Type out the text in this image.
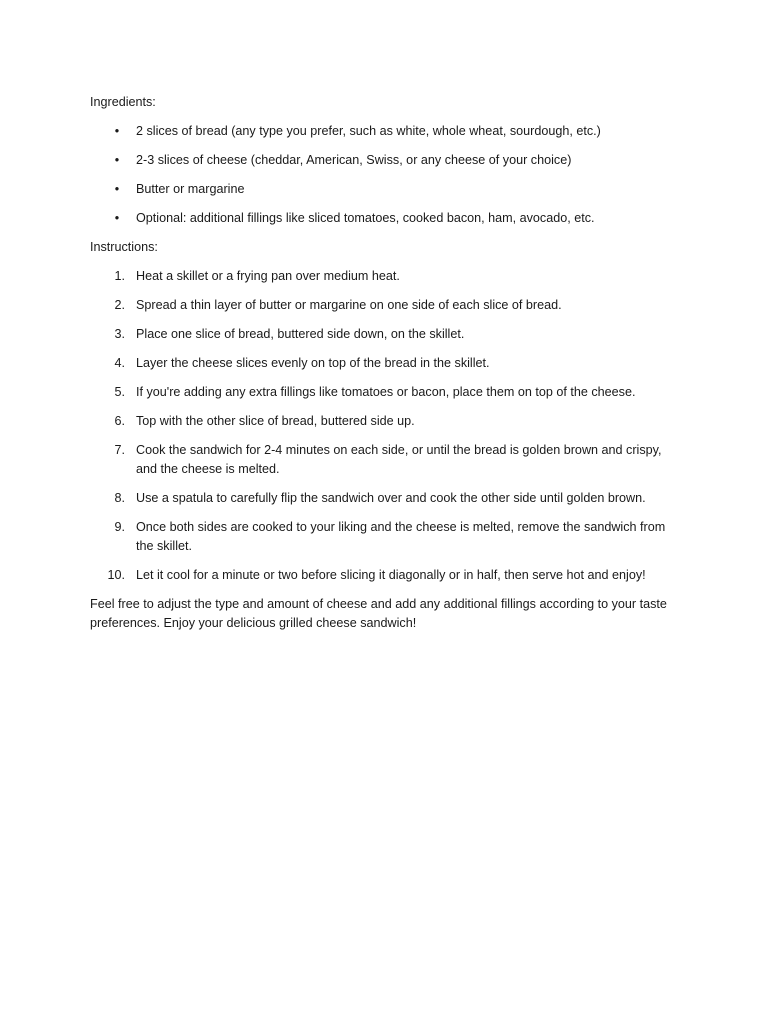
Ingredients:

• 2 slices of bread (any type you prefer, such as white, whole wheat, sourdough, etc.)
• 2-3 slices of cheese (cheddar, American, Swiss, or any cheese of your choice)
• Butter or margarine
• Optional: additional fillings like sliced tomatoes, cooked bacon, ham, avocado, etc.

Instructions:

1. Heat a skillet or a frying pan over medium heat.
2. Spread a thin layer of butter or margarine on one side of each slice of bread.
3. Place one slice of bread, buttered side down, on the skillet.
4. Layer the cheese slices evenly on top of the bread in the skillet.
5. If you're adding any extra fillings like tomatoes or bacon, place them on top of the cheese.
6. Top with the other slice of bread, buttered side up.
7. Cook the sandwich for 2-4 minutes on each side, or until the bread is golden brown and crispy, and the cheese is melted.
8. Use a spatula to carefully flip the sandwich over and cook the other side until golden brown.
9. Once both sides are cooked to your liking and the cheese is melted, remove the sandwich from the skillet.
10. Let it cool for a minute or two before slicing it diagonally or in half, then serve hot and enjoy!

Feel free to adjust the type and amount of cheese and add any additional fillings according to your taste preferences. Enjoy your delicious grilled cheese sandwich!
